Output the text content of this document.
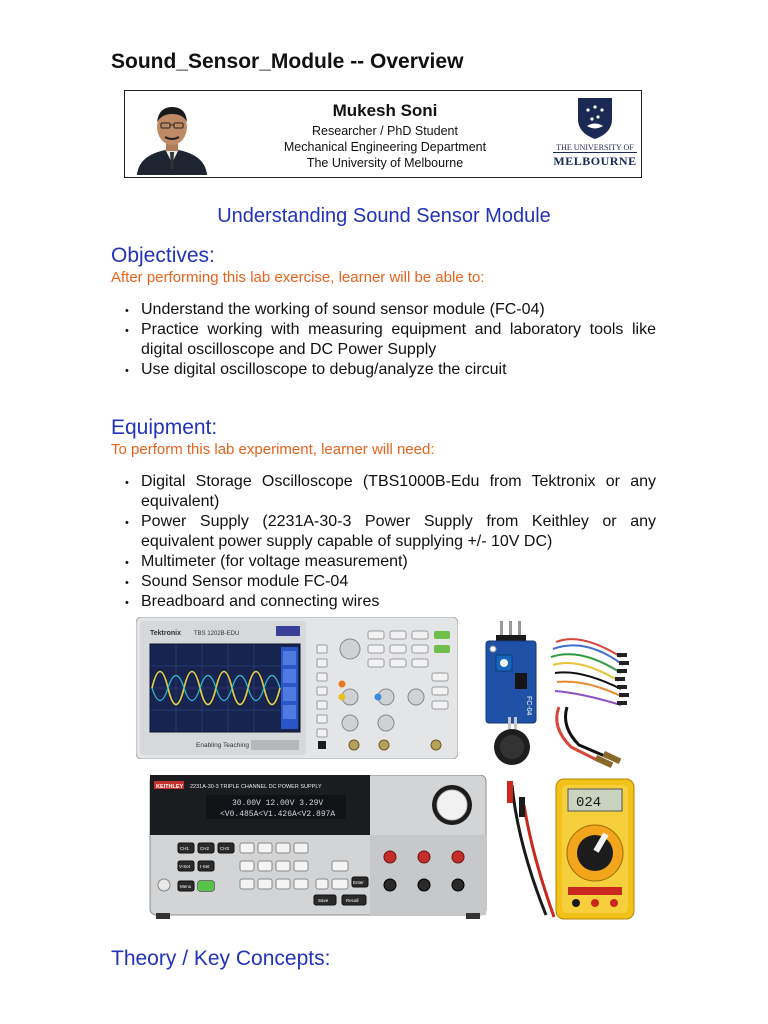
Sound_Sensor_Module -- Overview
Mukesh Soni
Researcher / PhD Student
Mechanical Engineering Department
The University of Melbourne
THE UNIVERSITY OF
MELBOURNE
Understanding Sound Sensor Module
Objectives:
After performing this lab exercise, learner will be able to:
• Understand the working of sound sensor module (FC-04)
• Practice working with measuring equipment and laboratory tools like digital oscilloscope and DC Power Supply
• Use digital oscilloscope to debug/analyze the circuit
Equipment:
To perform this lab experiment, learner will need:
• Digital Storage Oscilloscope (TBS1000B-Edu from Tektronix or any equivalent)
• Power Supply (2231A-30-3 Power Supply from Keithley or any equivalent power supply capable of supplying +/- 10V DC)
• Multimeter (for voltage measurement)
• Sound Sensor module FC-04
• Breadboard and connecting wires
Tektronix TBS 1202B-EDU
Enabling Teaching
FC-04
KEITHLEY 2231A-30-3 TRIPLE CHANNEL DC POWER SUPPLY
30.00V 12.00V 3.29V
<V0.485A<V1.426A<V2.897A
CH1 CH2 CH3
V-Set I-Set
Menu
Enter
Save	Recall
024
Theory / Key Concepts:
